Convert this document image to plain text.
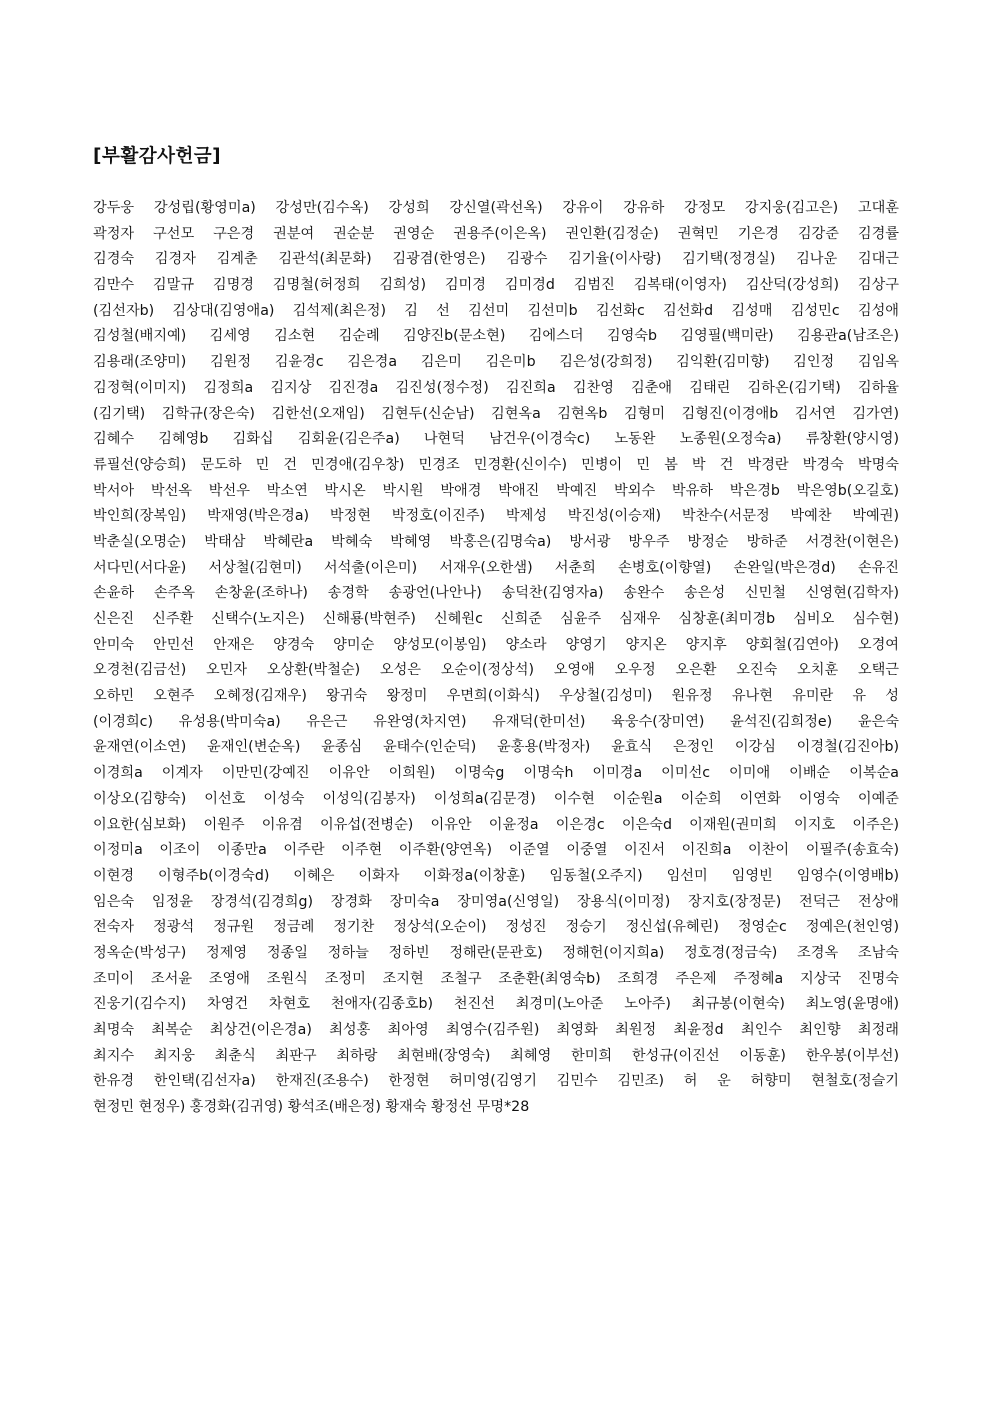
[부활감사헌금]
강두웅 강성립(황영미a) 강성만(김수옥) 강성희 강신열(곽선옥) 강유이 강유하 강정모 강지웅(김고은) 고대훈
곽정자 구선모 구은경 권분여 권순분 권영순 권용주(이은옥) 권인환(김정순) 권혁민 기은경 김강준 김경률
김경숙 김경자 김계춘 김관석(최문화) 김광겸(한영은) 김광수 김기율(이사랑) 김기택(정경실) 김나운 김대근
김만수 김말규 김명경 김명철(허정희 김희성) 김미경 김미경d 김범진 김복태(이영자) 김산덕(강성희) 김상구
(김선자b) 김상대(김영애a) 김석제(최은정) 김 선 김선미 김선미b 김선화c 김선화d 김성매 김성민c 김성애
김성철(배지예) 김세영 김소현 김순례 김양진b(문소현) 김에스더 김영숙b 김영필(백미란) 김용관a(남조은)
김용래(조양미) 김원정 김윤경c 김은경a 김은미 김은미b 김은성(강희정) 김익환(김미향) 김인정 김임옥
김정혁(이미지) 김정희a 김지상 김진경a 김진성(정수정) 김진희a 김찬영 김춘애 김태린 김하온(김기택) 김하율
(김기택) 김학규(장은숙) 김한선(오재임) 김현두(신순남) 김현옥a 김현옥b 김형미 김형진(이경애b 김서연 김가연)
김혜수 김혜영b 김화십 김회윤(김은주a) 나현덕 남건우(이경숙c) 노동완 노종원(오정숙a) 류창환(양시영)
류필선(양승희) 문도하 민 건 민경애(김우창) 민경조 민경환(신이수) 민병이 민 봄 박 건 박경란 박경숙 박명숙
박서아 박선옥 박선우 박소연 박시온 박시원 박애경 박애진 박예진 박외수 박유하 박은경b 박은영b(오길호)
박인희(장복임) 박재영(박은경a) 박정현 박정호(이진주) 박제성 박진성(이승재) 박찬수(서문정 박예찬 박예권)
박춘실(오명순) 박태삼 박혜란a 박혜숙 박혜영 박홍은(김명숙a) 방서광 방우주 방정순 방하준 서경찬(이현은)
서다민(서다윤) 서상철(김현미) 서석출(이은미) 서재우(오한샘) 서춘희 손병호(이향열) 손완일(박은경d) 손유진
손윤하 손주옥 손창윤(조하나) 송경학 송광언(나안나) 송덕찬(김영자a) 송완수 송은성 신민철 신영현(김학자)
신은진 신주환 신택수(노지은) 신해룡(박현주) 신혜원c 신희준 심윤주 심재우 심창훈(최미경b 심비오 심수현)
안미숙 안민선 안재은 양경숙 양미순 양성모(이봉임) 양소라 양영기 양지온 양지후 양회철(김연아) 오경여
오경천(김금선) 오민자 오상환(박철순) 오성은 오순이(정상석) 오영애 오우정 오은환 오진숙 오치훈 오택근
오하민 오현주 오혜정(김재우) 왕귀숙 왕정미 우면희(이화식) 우상철(김성미) 원유정 유나현 유미란 유 성
(이경희c) 유성용(박미숙a) 유은근 유완영(차지연) 유재덕(한미선) 육웅수(장미연) 윤석진(김희정e) 윤은숙
윤재연(이소연) 윤재인(변순옥) 윤종심 윤태수(인순덕) 윤홍용(박정자) 윤효식 은정인 이강심 이경철(김진아b)
이경희a 이계자 이만민(강예진 이유안 이희원) 이명숙g 이명숙h 이미경a 이미선c 이미애 이배순 이복순a
이상오(김향숙) 이선호 이성숙 이성익(김봉자) 이성희a(김문경) 이수현 이순원a 이순희 이연화 이영숙 이예준
이요한(심보화) 이원주 이유겸 이유섭(전병순) 이유안 이윤정a 이은경c 이은숙d 이재원(권미희 이지호 이주은)
이정미a 이조이 이종만a 이주란 이주현 이주환(양연옥) 이준열 이중열 이진서 이진희a 이찬이 이필주(송효숙)
이현경 이형주b(이경숙d) 이혜은 이화자 이화정a(이창훈) 임동철(오주지) 임선미 임영빈 임영수(이영배b)
임은숙 임정윤 장경석(김경희g) 장경화 장미숙a 장미영a(신영일) 장용식(이미정) 장지호(장정문) 전덕근 전상애
전숙자 정광석 정규원 정금례 정기찬 정상석(오순이) 정성진 정승기 정신섭(유혜린) 정영순c 정예은(천인영)
정옥순(박성구) 정제영 정종일 정하늘 정하빈 정해란(문관호) 정해헌(이지희a) 정호경(정금숙) 조경옥 조남숙
조미이 조서윤 조영애 조원식 조정미 조지현 조철구 조춘환(최영숙b) 조희경 주은제 주정혜a 지상국 진명숙
진웅기(김수지) 차영건 차현호 천애자(김종호b) 천진선 최경미(노아준 노아주) 최규봉(이현숙) 최노영(윤명애)
최명숙 최복순 최상건(이은경a) 최성홍 최아영 최영수(김주원) 최영화 최원정 최윤정d 최인수 최인향 최정래
최지수 최지웅 최춘식 최판구 최하랑 최현배(장영숙) 최혜영 한미희 한성규(이진선 이동훈) 한우봉(이부선)
한유경 한인택(김선자a) 한재진(조용수) 한정현 허미영(김영기 김민수 김민조) 허 운 허향미 현철호(정슬기
현정민 현정우) 홍경화(김귀영) 황석조(배은정) 황재숙 황정선 무명*28
